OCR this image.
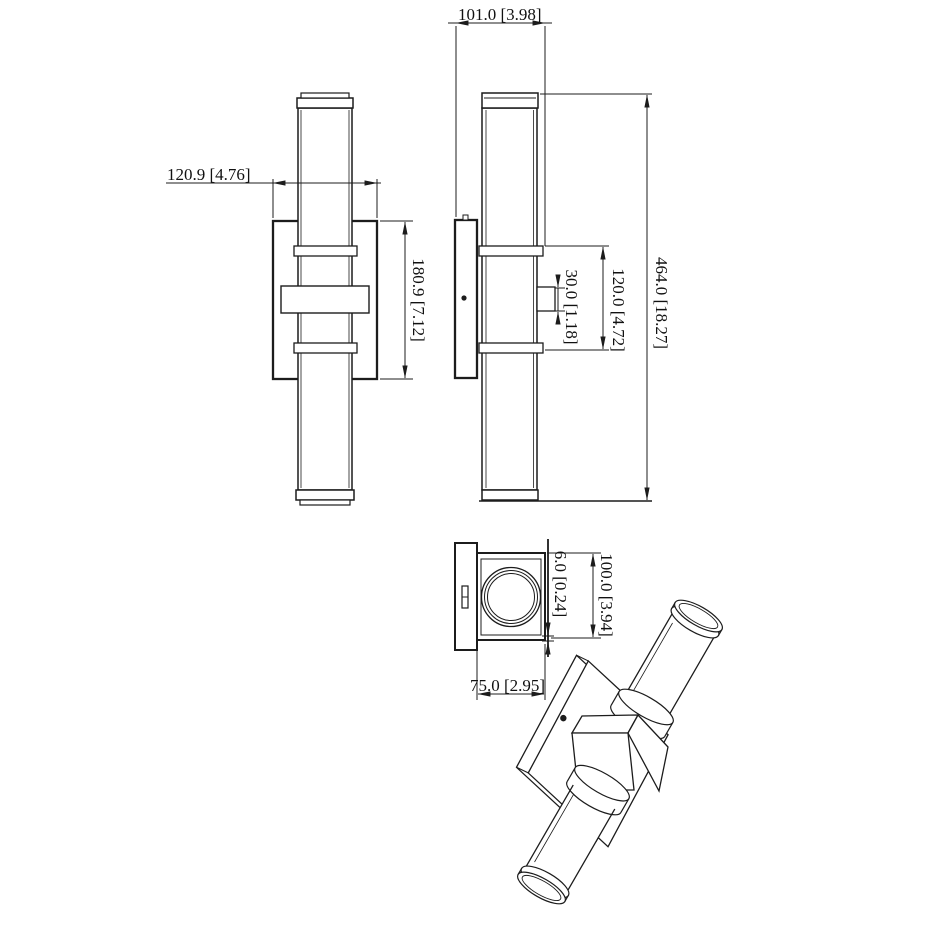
120.9 [4.76]
180.9 [7.12]
101.0 [3.98]
464.0 [18.27]
120.0 [4.72]
30.0 [1.18]
6.0 [0.24] 100.0 [3.94]
75.0 [2.95]
